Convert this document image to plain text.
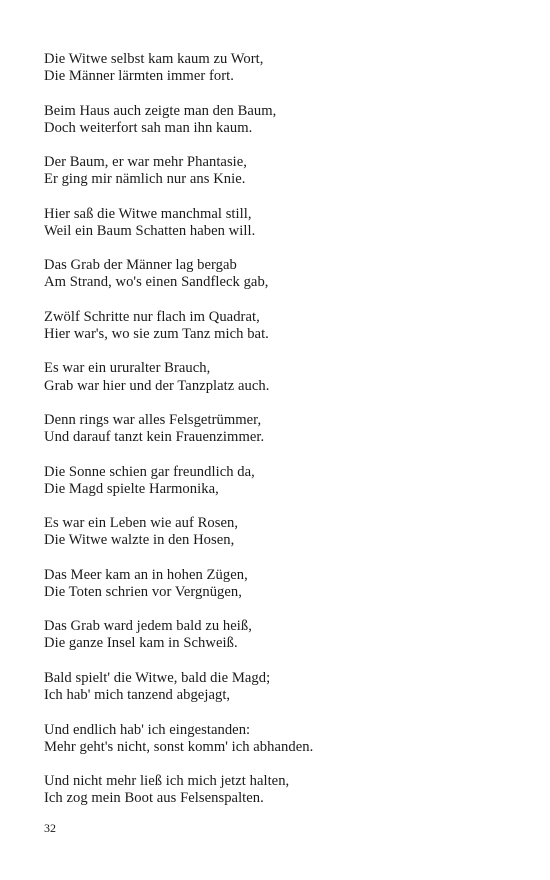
Die Witwe selbst kam kaum zu Wort,
Die Männer lärmten immer fort.
Beim Haus auch zeigte man den Baum,
Doch weiterfort sah man ihn kaum.
Der Baum, er war mehr Phantasie,
Er ging mir nämlich nur ans Knie.
Hier saß die Witwe manchmal still,
Weil ein Baum Schatten haben will.
Das Grab der Männer lag bergab
Am Strand, wo's einen Sandfleck gab,
Zwölf Schritte nur flach im Quadrat,
Hier war's, wo sie zum Tanz mich bat.
Es war ein ururalter Brauch,
Grab war hier und der Tanzplatz auch.
Denn rings war alles Felsgetrümmer,
Und darauf tanzt kein Frauenzimmer.
Die Sonne schien gar freundlich da,
Die Magd spielte Harmonika,
Es war ein Leben wie auf Rosen,
Die Witwe walzte in den Hosen,
Das Meer kam an in hohen Zügen,
Die Toten schrien vor Vergnügen,
Das Grab ward jedem bald zu heiß,
Die ganze Insel kam in Schweiß.
Bald spielt' die Witwe, bald die Magd;
Ich hab' mich tanzend abgejagt,
Und endlich hab' ich eingestanden:
Mehr geht's nicht, sonst komm' ich abhanden.
Und nicht mehr ließ ich mich jetzt halten,
Ich zog mein Boot aus Felsenspalten.
32
